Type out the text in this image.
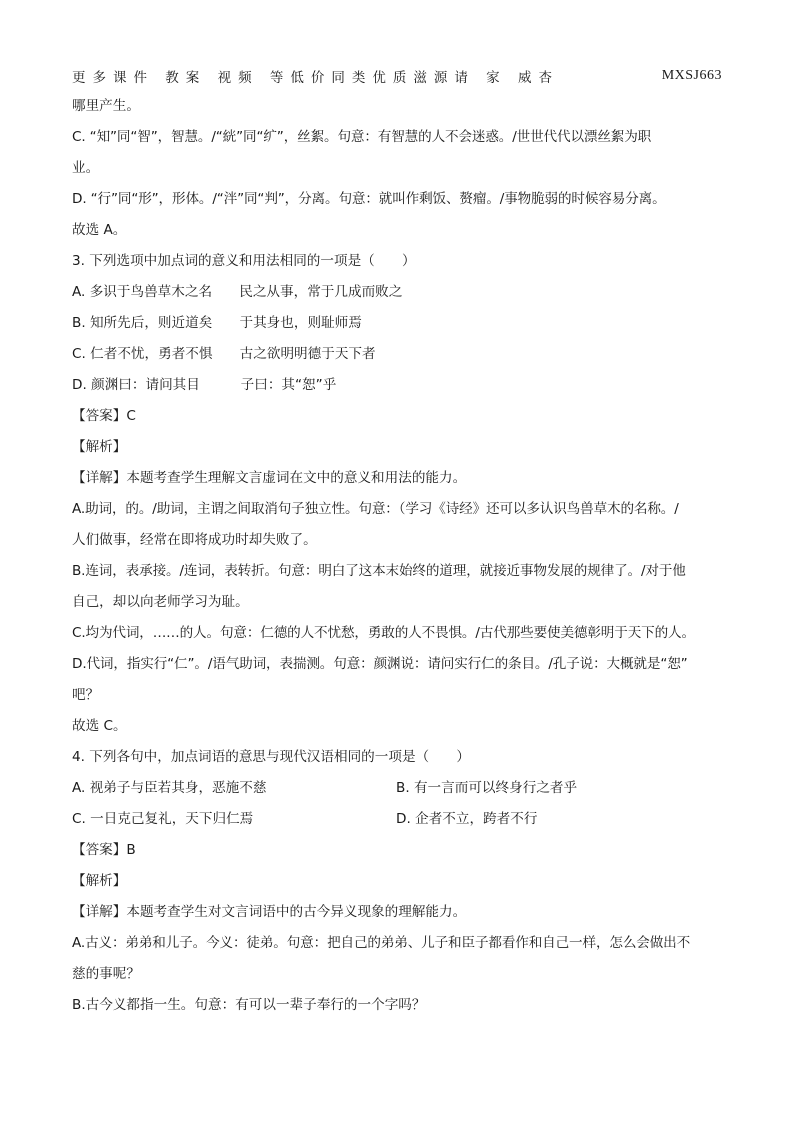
更多课件 教案 视频 等低价同类优质滋源请 家 威杏	MXSJ663
哪里产生。
C. “知”同“智”，智慧。/“絖”同“纩”，丝絮。句意：有智慧的人不会迷惑。/世世代代以漂丝絮为职
业。
D. “行”同“形”，形体。/“泮”同“判”，分离。句意：就叫作剩饭、赘瘤。/事物脆弱的时候容易分离。
故选 A。
3. 下列选项中加点词的意义和用法相同的一项是（　　）
A. 多识于鸟兽草木之名　　民之从事，常于几成而败之
B. 知所先后，则近道矣　　于其身也，则耻师焉
C. 仁者不忧，勇者不惧　　古之欲明明德于天下者
D. 颜渊曰：请问其目　　　子曰：其“恕”乎
【答案】C
【解析】
【详解】本题考查学生理解文言虚词在文中的意义和用法的能力。
A.助词，的。/助词，主谓之间取消句子独立性。句意：（学习《诗经》还可以多认识鸟兽草木的名称。/
人们做事，经常在即将成功时却失败了。
B.连词，表承接。/连词，表转折。句意：明白了这本末始终的道理，就接近事物发展的规律了。/对于他
自己，却以向老师学习为耻。
C.均为代词，……的人。句意：仁德的人不忧愁，勇敢的人不畏惧。/古代那些要使美德彰明于天下的人。
D.代词，指实行“仁”。/语气助词，表揣测。句意：颜渊说：请问实行仁的条目。/孔子说：大概就是“恕”
吧？
故选 C。
4. 下列各句中，加点词语的意思与现代汉语相同的一项是（　　）
A. 视弟子与臣若其身，恶施不慈	B. 有一言而可以终身行之者乎
C. 一日克己复礼，天下归仁焉	D. 企者不立，跨者不行
【答案】B
【解析】
【详解】本题考查学生对文言词语中的古今异义现象的理解能力。
A.古义：弟弟和儿子。今义：徒弟。句意：把自己的弟弟、儿子和臣子都看作和自己一样，怎么会做出不
慈的事呢？
B.古今义都指一生。句意：有可以一辈子奉行的一个字吗？
